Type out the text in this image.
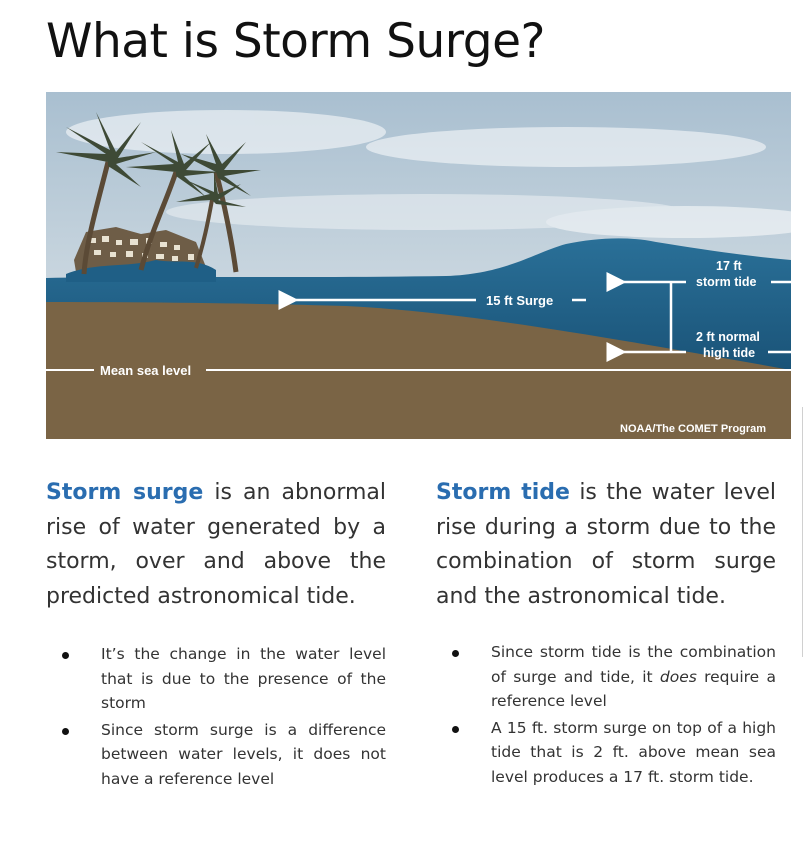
What is Storm Surge?
Mean sea level
15 ft Surge
17 ft
storm tide
2 ft normal
high tide
NOAA/The COMET Program

Storm surge is an abnormal rise of water generated by a storm, over and above the predicted astronomical tide.

It’s the change in the water level that is due to the presence of the storm
Since storm surge is a difference between water levels, it does not have a reference level

Storm tide is the water level rise during a storm due to the combination of storm surge and the astronomical tide.

Since storm tide is the combination of surge and tide, it does require a reference level
A 15 ft. storm surge on top of a high tide that is 2 ft. above mean sea level produces a 17 ft. storm tide.
